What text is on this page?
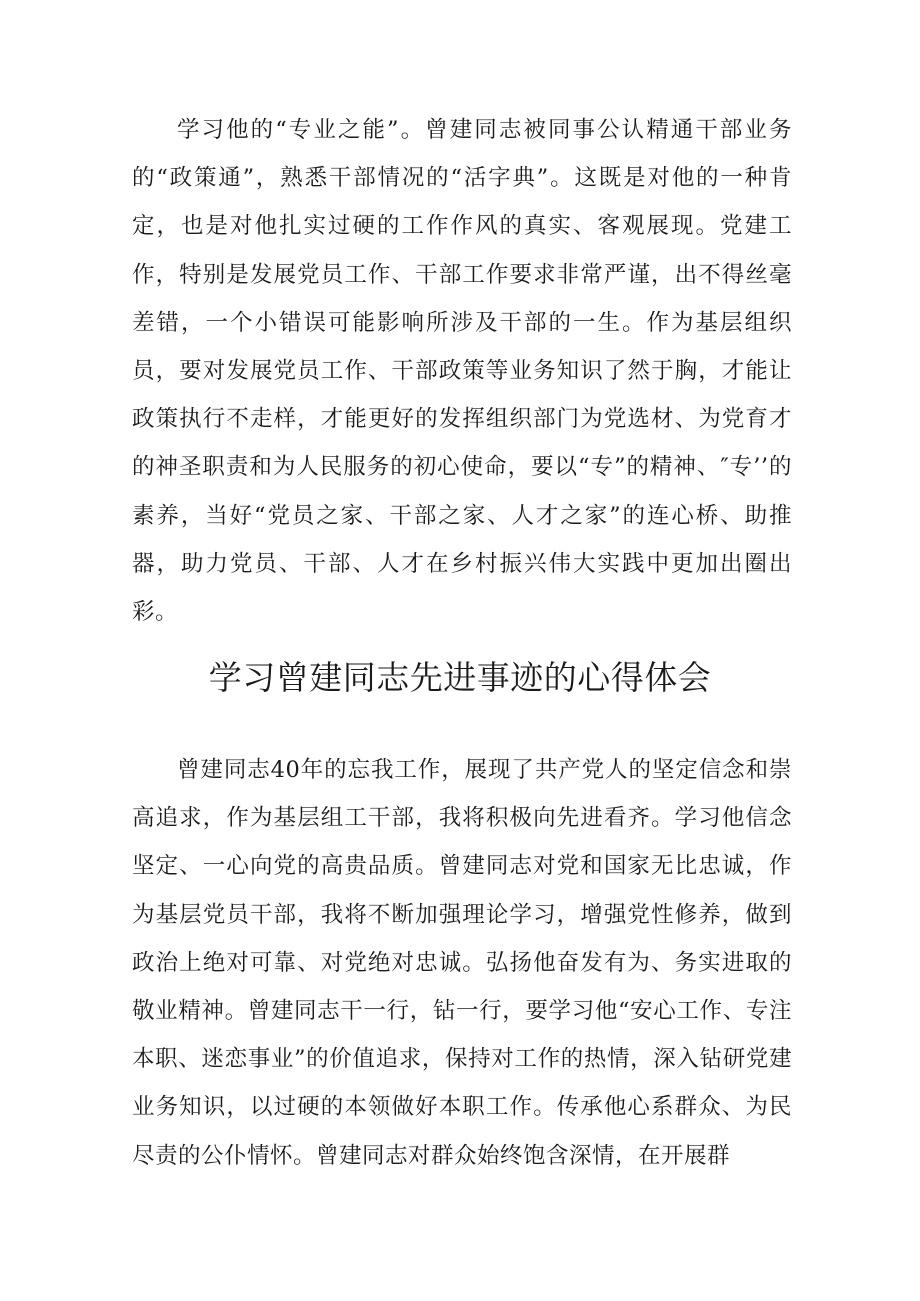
学习他的“专业之能”。曾建同志被同事公认精通干部业务的“政策通”，熟悉干部情况的“活字典”。这既是对他的一种肯定，也是对他扎实过硬的工作作风的真实、客观展现。党建工作，特别是发展党员工作、干部工作要求非常严谨，出不得丝毫差错，一个小错误可能影响所涉及干部的一生。作为基层组织员，要对发展党员工作、干部政策等业务知识了然于胸，才能让政策执行不走样，才能更好的发挥组织部门为党选材、为党育才的神圣职责和为人民服务的初心使命，要以“专”的精神、″专’’的素养，当好“党员之家、干部之家、人才之家”的连心桥、助推器，助力党员、干部、人才在乡村振兴伟大实践中更加出圈出彩。

学习曾建同志先进事迹的心得体会

曾建同志40年的忘我工作，展现了共产党人的坚定信念和崇高追求，作为基层组工干部，我将积极向先进看齐。学习他信念坚定、一心向党的高贵品质。曾建同志对党和国家无比忠诚，作为基层党员干部，我将不断加强理论学习，增强党性修养，做到政治上绝对可靠、对党绝对忠诚。弘扬他奋发有为、务实进取的敬业精神。曾建同志干一行，钻一行，要学习他“安心工作、专注本职、迷恋事业”的价值追求，保持对工作的热情，深入钻研党建业务知识，以过硬的本领做好本职工作。传承他心系群众、为民尽责的公仆情怀。曾建同志对群众始终饱含深情，在开展群
